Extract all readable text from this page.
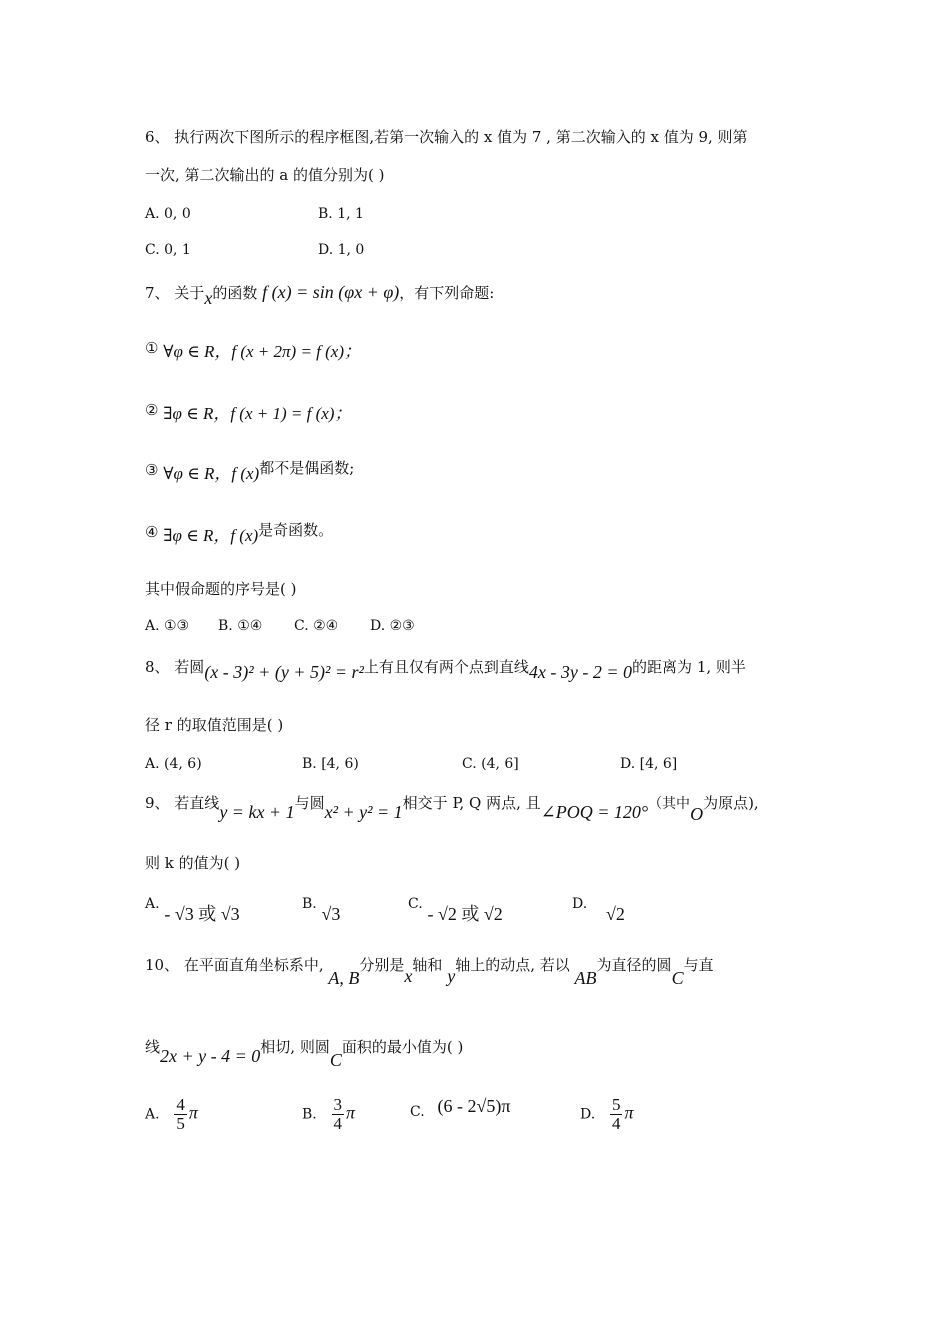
6、 执行两次下图所示的程序框图,若第一次输入的 x 值为 7 , 第二次输入的 x 值为 9, 则第
一次, 第二次输出的 a 的值分别为( )
A. 0, 0	B. 1, 1
C. 0, 1	D. 1, 0
7、 关于x的函数 f (x) = sin (φx + φ)，有下列命题:
① ∀φ ∈ R，f (x + 2π) = f (x)；
② ∃φ ∈ R，f (x + 1) = f (x)；
③ ∀φ ∈ R，f (x)都不是偶函数;
④ ∃φ ∈ R，f (x)是奇函数。
其中假命题的序号是( )
A. ①③ B. ①④ C. ②④ D. ②③
8、 若圆(x - 3)² + (y + 5)² = r²上有且仅有两个点到直线4x - 3y - 2 = 0的距离为 1, 则半
径 r 的取值范围是( )
A. (4, 6)	B. [4, 6)	C. (4, 6]	D. [4, 6]
9、 若直线y = kx + 1与圆x² + y² = 1相交于 P, Q 两点, 且∠POQ = 120°（其中O为原点),
则 k 的值为( )
A. - √3 或 √3	B. √3	C. - √2 或 √2	D. √2
10、 在平面直角坐标系中, A, B分别是x轴和 y轴上的动点, 若以 AB为直径的圆C与直
线2x + y - 4 = 0相切, 则圆C面积的最小值为( )
A. $\frac{4}{5}$ π	B. $\frac{3}{4}$ π	C. (6 - 2√5)π	D. $\frac{5}{4}$ π
